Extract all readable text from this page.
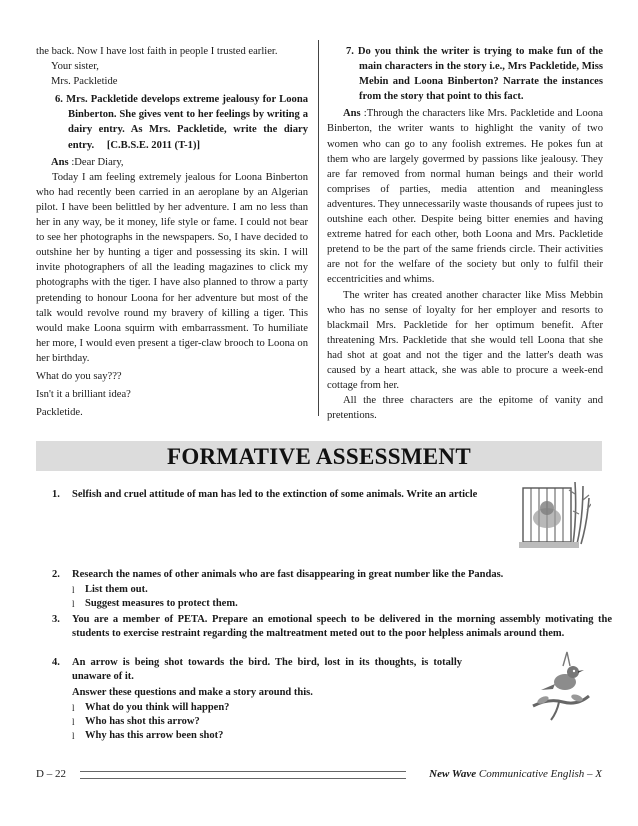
the back. Now I have lost faith in people I trusted earlier.
Your sister,
Mrs. Packletide
6. Mrs. Packletide develops extreme jealousy for Loona Binberton. She gives vent to her feelings by writing a dairy entry. As Mrs. Packletide, write the diary entry. [C.B.S.E. 2011 (T-1)]
Ans :Dear Diary,
Today I am feeling extremely jealous for Loona Binberton who had recently been carried in an aeroplane by an Algerian pilot. I have been belittled by her adventure. I am no less than her in any way, be it money, life style or fame. I could not bear to see her photographs in the newspapers. So, I have decided to outshine her by hunting a tiger and possessing its skin. I will invite photographers of all the leading magazines to click my photographs with the tiger. I have also planned to throw a party pretending to honour Loona for her adventure but most of the talk would revolve round my bravery of killing a tiger. This would make Loona squirm with embarrassment. To humiliate her more, I would even present a tiger-claw brooch to Loona on her birthday.
What do you say???
Isn't it a brilliant idea?
Packletide.
7. Do you think the writer is trying to make fun of the main characters in the story i.e., Mrs Packletide, Miss Mebin and Loona Binberton? Narrate the instances from the story that point to this fact.
Ans :Through the characters like Mrs. Packletide and Loona Binberton, the writer wants to highlight the vanity of two women who can go to any foolish extremes. He pokes fun at them who are largely govermed by passions like jealousy. They are far removed from normal human beings and their world comprises of parties, media attention and meaningless adventures. They unnecessarily waste thousands of rupees just to outshine each other. Despite being bitter enemies and having extreme hatred for each other, both Loona and Mrs. Packletide pretend to be the part of the same friends circle. Their activities are not for the welfare of the society but only to fulfil their eccentricities and whims.
The writer has created another character like Miss Mebbin who has no sense of loyalty for her employer and resorts to blackmail Mrs. Packletide for her optimum benefit. After threatening Mrs. Packletide that she would tell Loona that she had shot at goat and not the tiger and the latter's death was caused by a heart attack, she was able to procure a week-end cottage from her.
All the three characters are the epitome of vanity and pretentions.
FORMATIVE ASSESSMENT
1. Selfish and cruel attitude of man has led to the extinction of some animals. Write an article
2. Research the names of other animals who are fast disappearing in great number like the Pandas.
l List them out.
l Suggest measures to protect them.
3. You are a member of PETA. Prepare an emotional speech to be delivered in the morning assembly motivating the students to exercise restraint regarding the maltreatment meted out to the poor helpless animals around them.
4. An arrow is being shot towards the bird. The bird, lost in its thoughts, is totally unaware of it.
Answer these questions and make a story around this.
l What do you think will happen?
l Who has shot this arrow?
l Why has this arrow been shot?
D – 22	New Wave Communicative English – X
